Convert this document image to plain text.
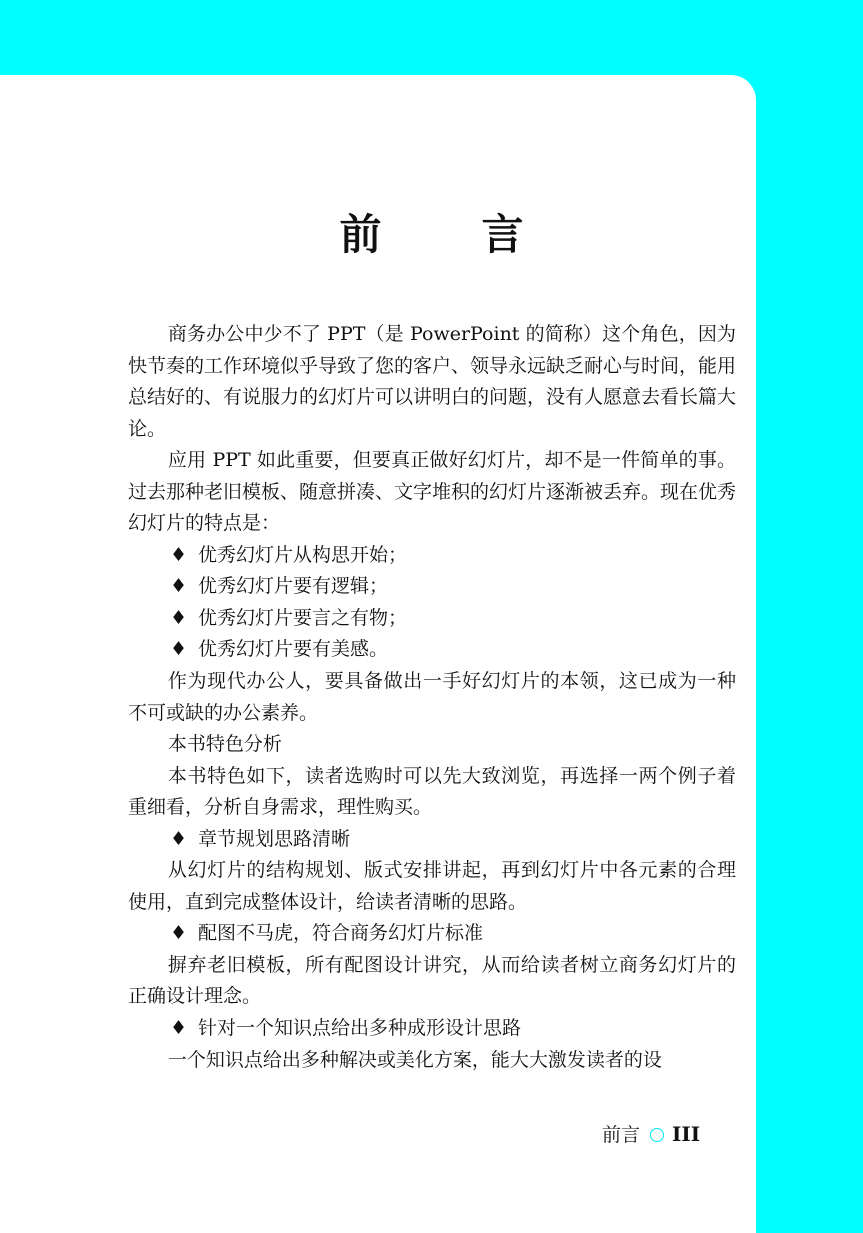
前 言

商务办公中少不了 PPT（是 PowerPoint 的简称）这个角色，因为快节奏的工作环境似乎导致了您的客户、领导永远缺乏耐心与时间，能用总结好的、有说服力的幻灯片可以讲明白的问题，没有人愿意去看长篇大论。

应用 PPT 如此重要，但要真正做好幻灯片，却不是一件简单的事。过去那种老旧模板、随意拼凑、文字堆积的幻灯片逐渐被丢弃。现在优秀幻灯片的特点是：

♦ 优秀幻灯片从构思开始；

♦ 优秀幻灯片要有逻辑；

♦ 优秀幻灯片要言之有物；

♦ 优秀幻灯片要有美感。

作为现代办公人，要具备做出一手好幻灯片的本领，这已成为一种不可或缺的办公素养。

本书特色分析

本书特色如下，读者选购时可以先大致浏览，再选择一两个例子着重细看，分析自身需求，理性购买。

♦ 章节规划思路清晰

从幻灯片的结构规划、版式安排讲起，再到幻灯片中各元素的合理使用，直到完成整体设计，给读者清晰的思路。

♦ 配图不马虎，符合商务幻灯片标准

摒弃老旧模板，所有配图设计讲究，从而给读者树立商务幻灯片的正确设计理念。

♦ 针对一个知识点给出多种成形设计思路

一个知识点给出多种解决或美化方案，能大大激发读者的设

前言 III
